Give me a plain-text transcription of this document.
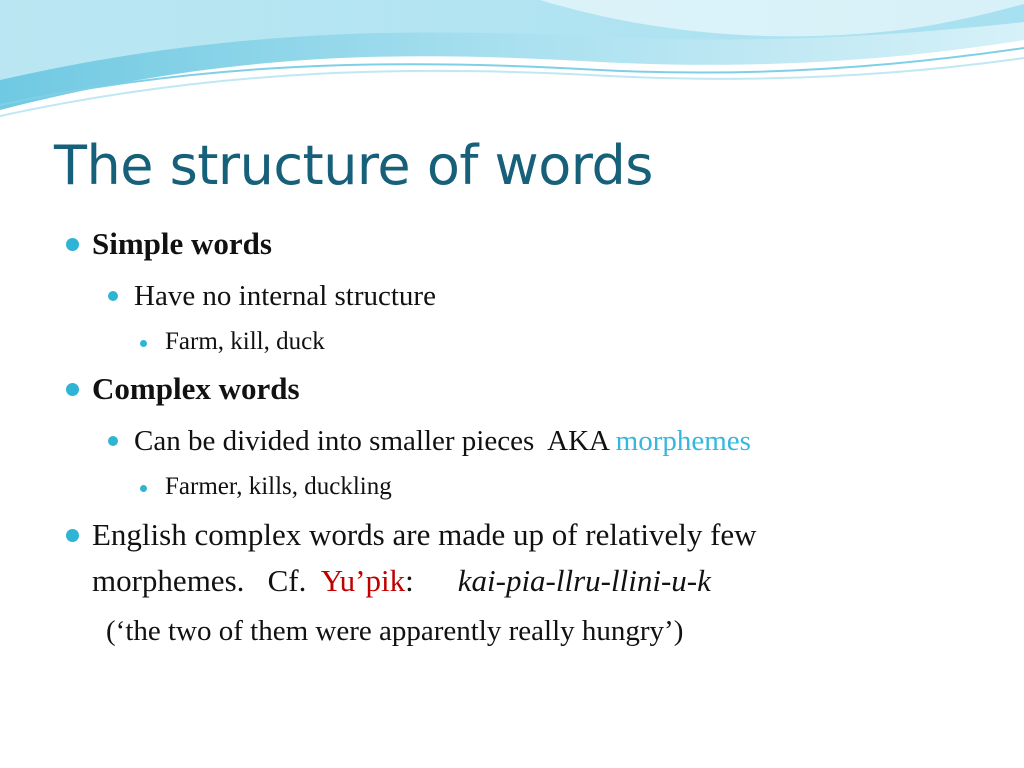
The structure of words
Simple words
Have no internal structure
Farm, kill, duck
Complex words
Can be divided into smaller pieces  AKA morphemes
Farmer, kills, duckling
English complex words are made up of relatively few
morphemes.   Cf.  Yu’pik: kai-pia-llru-llini-u-k
(‘the two of them were apparently really hungry’)
